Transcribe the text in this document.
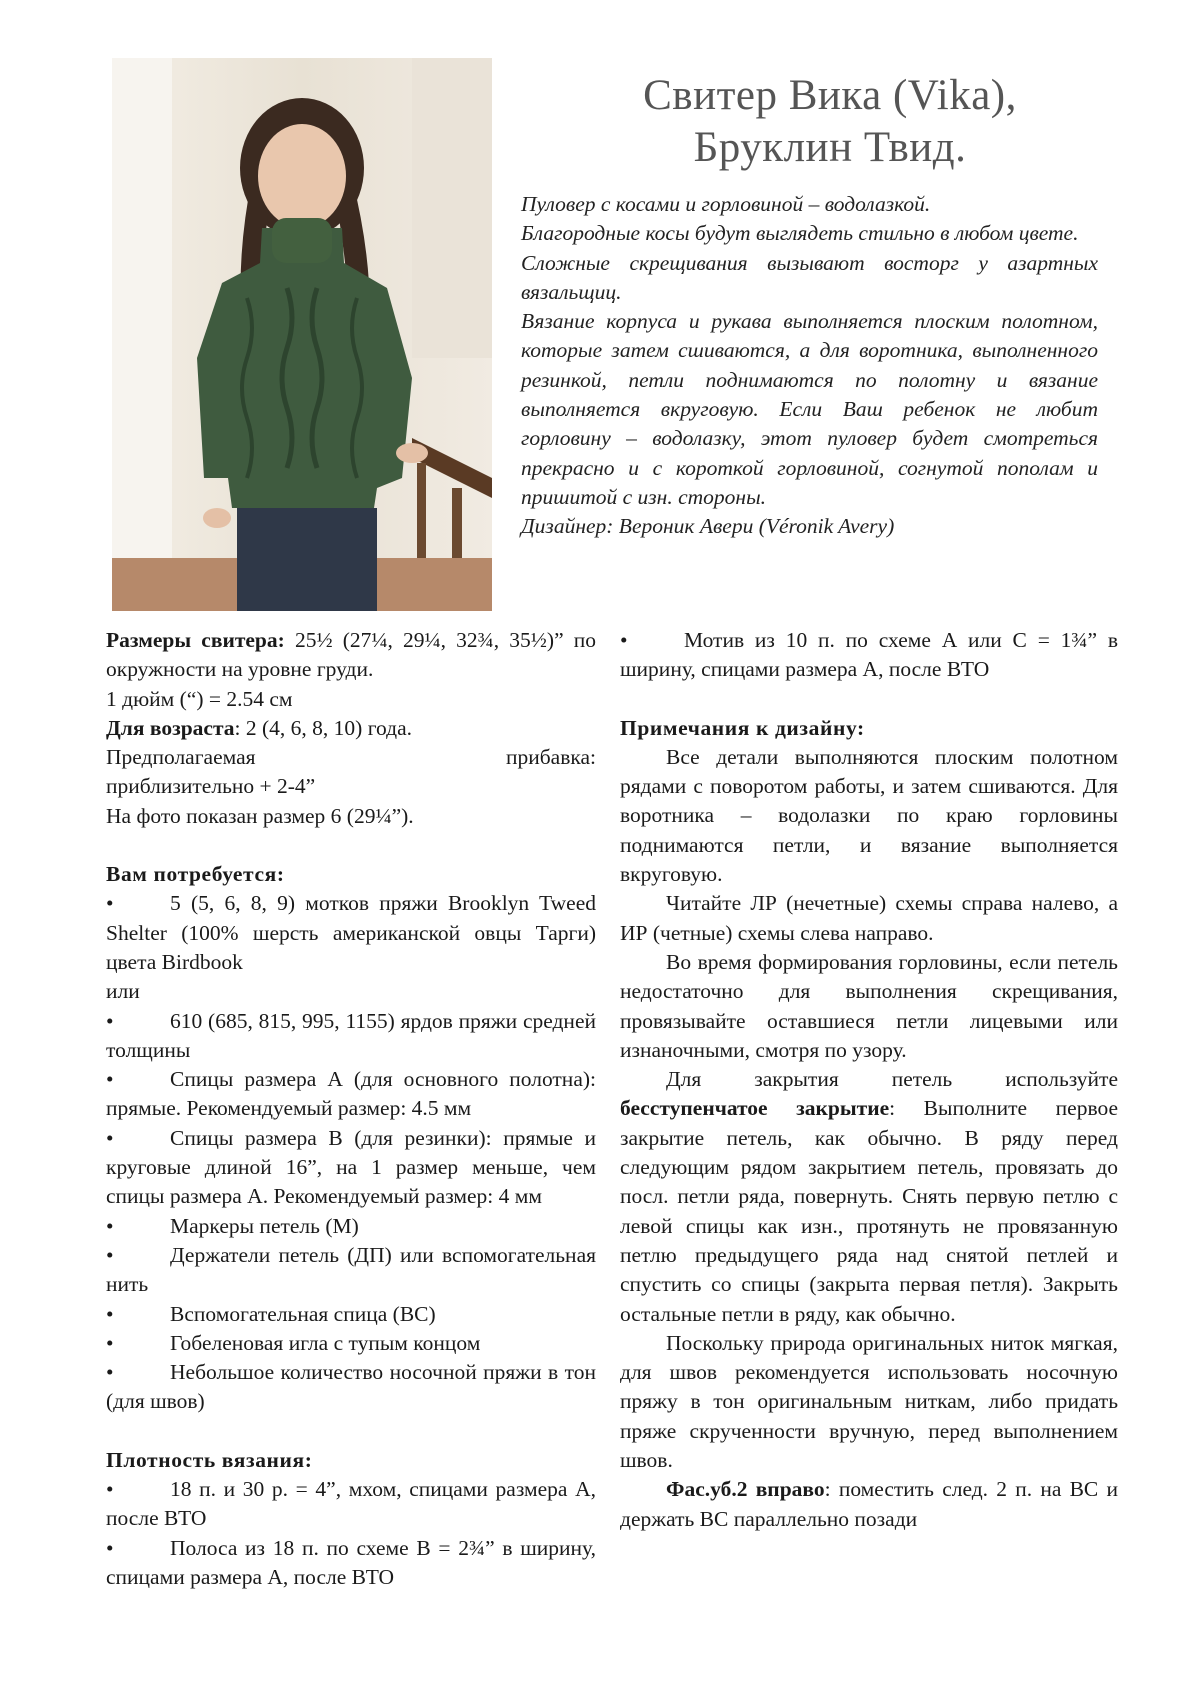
Свитер Вика (Vika),
Бруклин Твид.

Пуловер с косами и горловиной – водолазкой.

Благородные косы будут выглядеть стильно в любом цвете.

Сложные скрещивания вызывают восторг у азартных вязальщиц.

Вязание корпуса и рукава выполняется плоским полотном, которые затем сшиваются, а для воротника, выполненного резинкой, петли поднимаются по полотну и вязание выполняется вкруговую. Если Ваш ребенок не любит горловину – водолазку, этот пуловер будет смотреться прекрасно и с короткой горловиной, согнутой пополам и пришитой с изн. стороны.

Дизайнер: Вероник Авери (Véronik Avery)

Размеры свитера: 25½ (27¼, 29¼, 32¾, 35½)” по окружности на уровне груди.

1 дюйм (“) = 2.54 см

Для возраста: 2 (4, 6, 8, 10) года.

Предполагаемая	прибавка:

приблизительно + 2-4”

На фото показан размер 6 (29¼”).

Вам потребуется:

•	5 (5, 6, 8, 9) мотков пряжи Brooklyn Tweed Shelter (100% шерсть американской овцы Тарги) цвета Birdbook

или

•	610 (685, 815, 995, 1155) ярдов пряжи средней толщины

•	Спицы размера А (для основного полотна): прямые. Рекомендуемый размер: 4.5 мм

•	Спицы размера В (для резинки): прямые и круговые длиной 16”, на 1 размер меньше, чем спицы размера А. Рекомендуемый размер: 4 мм

•	Маркеры петель (М)

•	Держатели петель (ДП) или вспомогательная нить

•	Вспомогательная спица (ВС)

•	Гобеленовая игла с тупым концом

•	Небольшое количество носочной пряжи в тон (для швов)

Плотность вязания:

•	18 п. и 30 р. = 4”, мхом, спицами размера А, после ВТО

•	Полоса из 18 п. по схеме В = 2¾” в ширину, спицами размера А, после ВТО

•	Мотив из 10 п. по схеме А или С = 1¾” в ширину, спицами размера А, после ВТО

Примечания к дизайну:

Все детали выполняются плоским полотном рядами с поворотом работы, и затем сшиваются. Для воротника – водолазки по краю горловины поднимаются петли, и вязание выполняется вкруговую.

Читайте ЛР (нечетные) схемы справа налево, а ИР (четные) схемы слева направо.

Во время формирования горловины, если петель недостаточно для выполнения скрещивания, провязывайте оставшиеся петли лицевыми или изнаночными, смотря по узору.

Для закрытия петель используйте бесступенчатое закрытие: Выполните первое закрытие петель, как обычно. В ряду перед следующим рядом закрытием петель, провязать до посл. петли ряда, повернуть. Снять первую петлю с левой спицы как изн., протянуть не провязанную петлю предыдущего ряда над снятой петлей и спустить со спицы (закрыта первая петля). Закрыть остальные петли в ряду, как обычно.

Поскольку природа оригинальных ниток мягкая, для швов рекомендуется использовать носочную пряжу в тон оригинальным ниткам, либо придать пряже скрученности вручную, перед выполнением швов.

Фас.уб.2 вправо: поместить след. 2 п. на ВС и держать ВС параллельно позади
